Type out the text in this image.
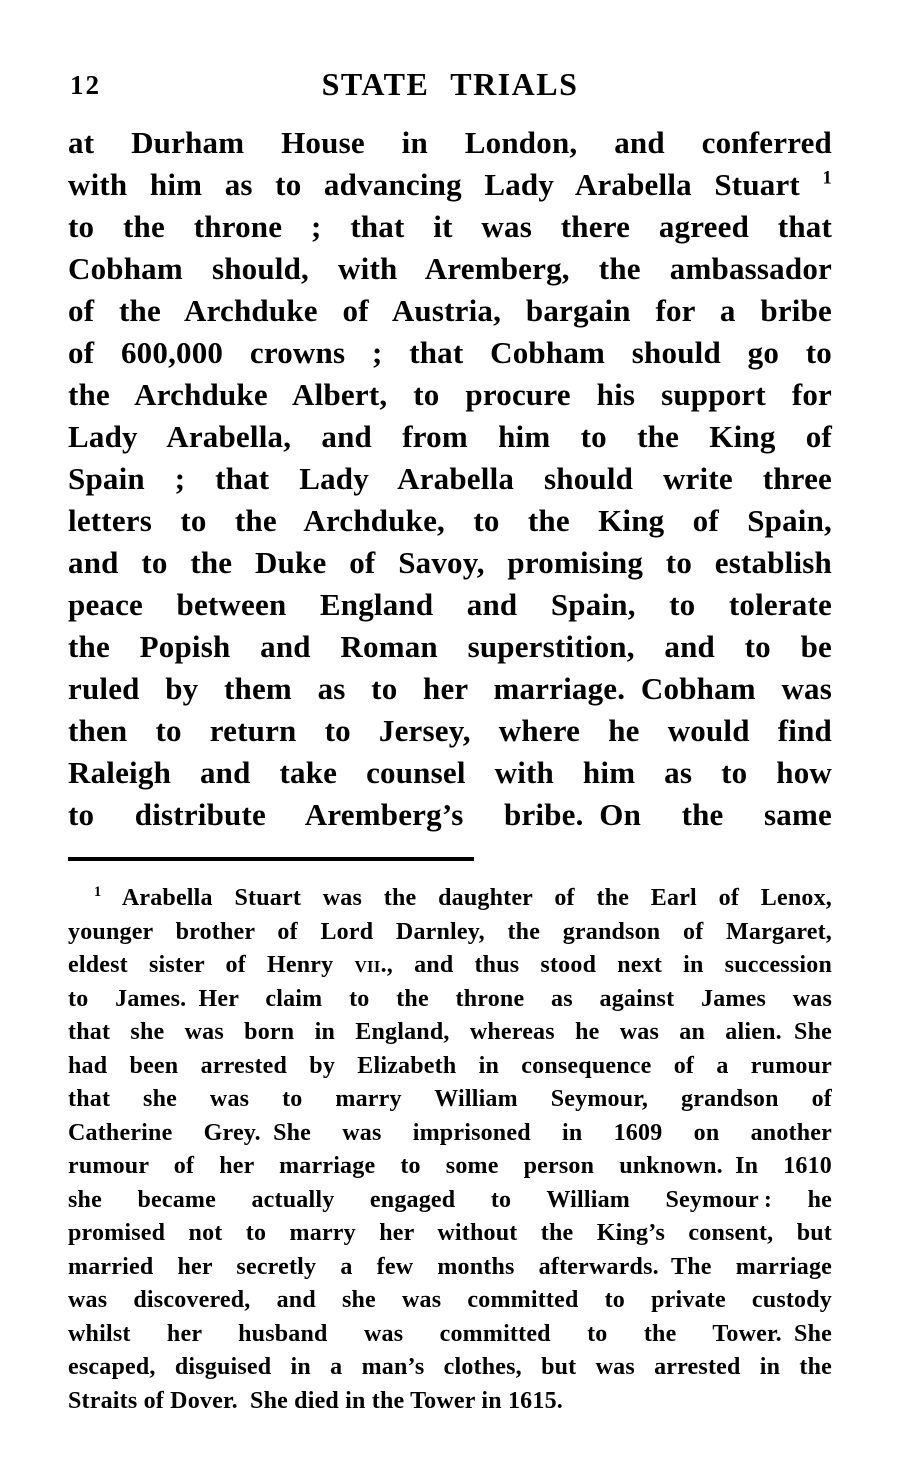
12	STATE TRIALS
at Durham House in London, and conferred
with him as to advancing Lady Arabella Stuart $^1$
to the throne ; that it was there agreed that
Cobham should, with Aremberg, the ambassador
of the Archduke of Austria, bargain for a bribe
of 600,000 crowns ; that Cobham should go to
the Archduke Albert, to procure his support for
Lady Arabella, and from him to the King of
Spain ; that Lady Arabella should write three
letters to the Archduke, to the King of Spain,
and to the Duke of Savoy, promising to establish
peace between England and Spain, to tolerate
the Popish and Roman superstition, and to be
ruled by them as to her marriage. Cobham was
then to return to Jersey, where he would find
Raleigh and take counsel with him as to how
to distribute Aremberg’s bribe. On the same
$^1$ Arabella Stuart was the daughter of the Earl of Lenox,
younger brother of Lord Darnley, the grandson of Margaret,
eldest sister of Henry vii., and thus stood next in succession
to James. Her claim to the throne as against James was
that she was born in England, whereas he was an alien. She
had been arrested by Elizabeth in consequence of a rumour
that she was to marry William Seymour, grandson of
Catherine Grey. She was imprisoned in 1609 on another
rumour of her marriage to some person unknown. In 1610
she became actually engaged to William Seymour : he
promised not to marry her without the King’s consent, but
married her secretly a few months afterwards. The marriage
was discovered, and she was committed to private custody
whilst her husband was committed to the Tower. She
escaped, disguised in a man’s clothes, but was arrested in the
Straits of Dover. She died in the Tower in 1615.
